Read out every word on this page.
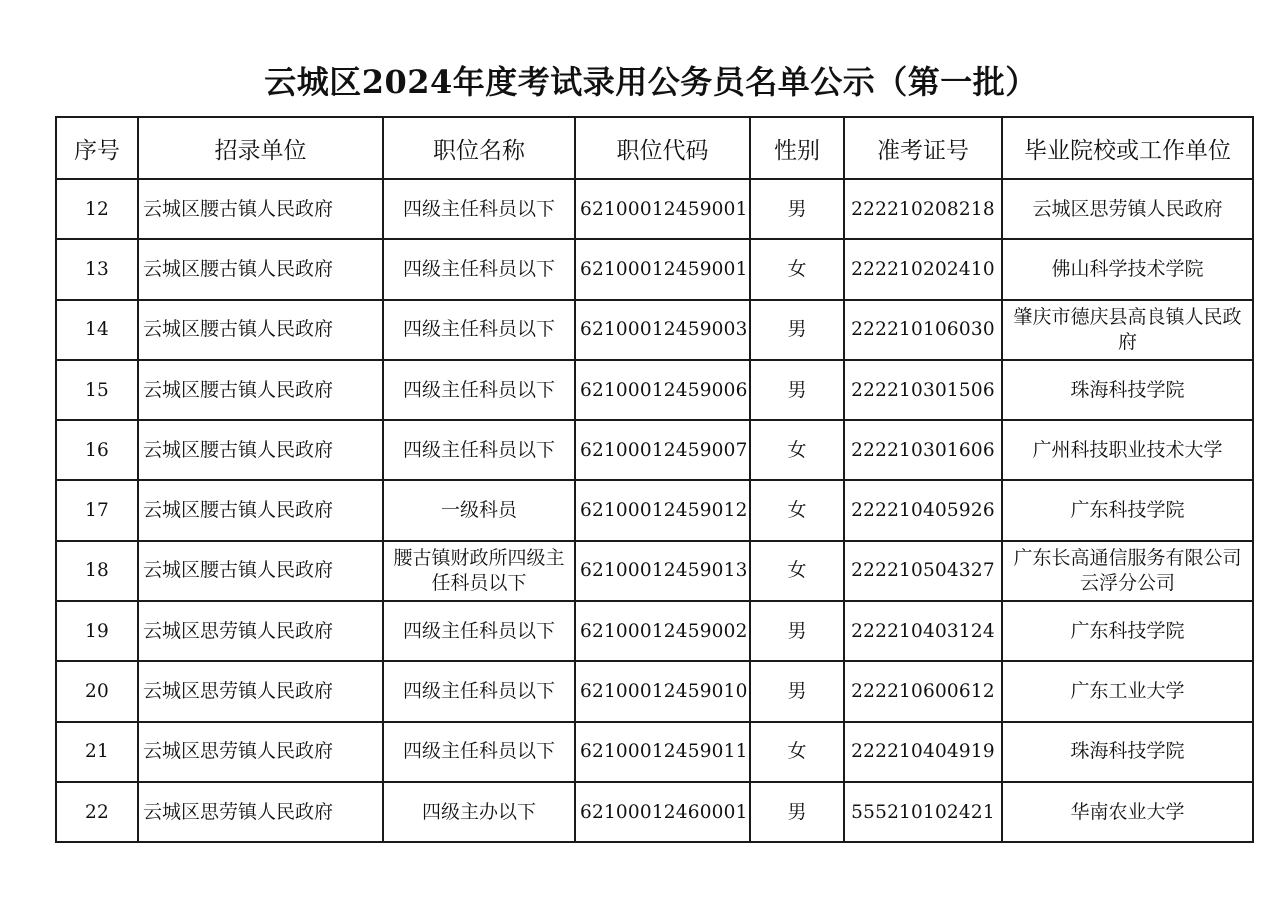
云城区2024年度考试录用公务员名单公示（第一批）
序号	招录单位	职位名称	职位代码	性别	准考证号	毕业院校或工作单位
12	云城区腰古镇人民政府	四级主任科员以下	62100012459001	男	222210208218	云城区思劳镇人民政府
13	云城区腰古镇人民政府	四级主任科员以下	62100012459001	女	222210202410	佛山科学技术学院
14	云城区腰古镇人民政府	四级主任科员以下	62100012459003	男	222210106030	肇庆市德庆县高良镇人民政府
15	云城区腰古镇人民政府	四级主任科员以下	62100012459006	男	222210301506	珠海科技学院
16	云城区腰古镇人民政府	四级主任科员以下	62100012459007	女	222210301606	广州科技职业技术大学
17	云城区腰古镇人民政府	一级科员	62100012459012	女	222210405926	广东科技学院
18	云城区腰古镇人民政府	腰古镇财政所四级主任科员以下	62100012459013	女	222210504327	广东长高通信服务有限公司云浮分公司
19	云城区思劳镇人民政府	四级主任科员以下	62100012459002	男	222210403124	广东科技学院
20	云城区思劳镇人民政府	四级主任科员以下	62100012459010	男	222210600612	广东工业大学
21	云城区思劳镇人民政府	四级主任科员以下	62100012459011	女	222210404919	珠海科技学院
22	云城区思劳镇人民政府	四级主办以下	62100012460001	男	555210102421	华南农业大学
